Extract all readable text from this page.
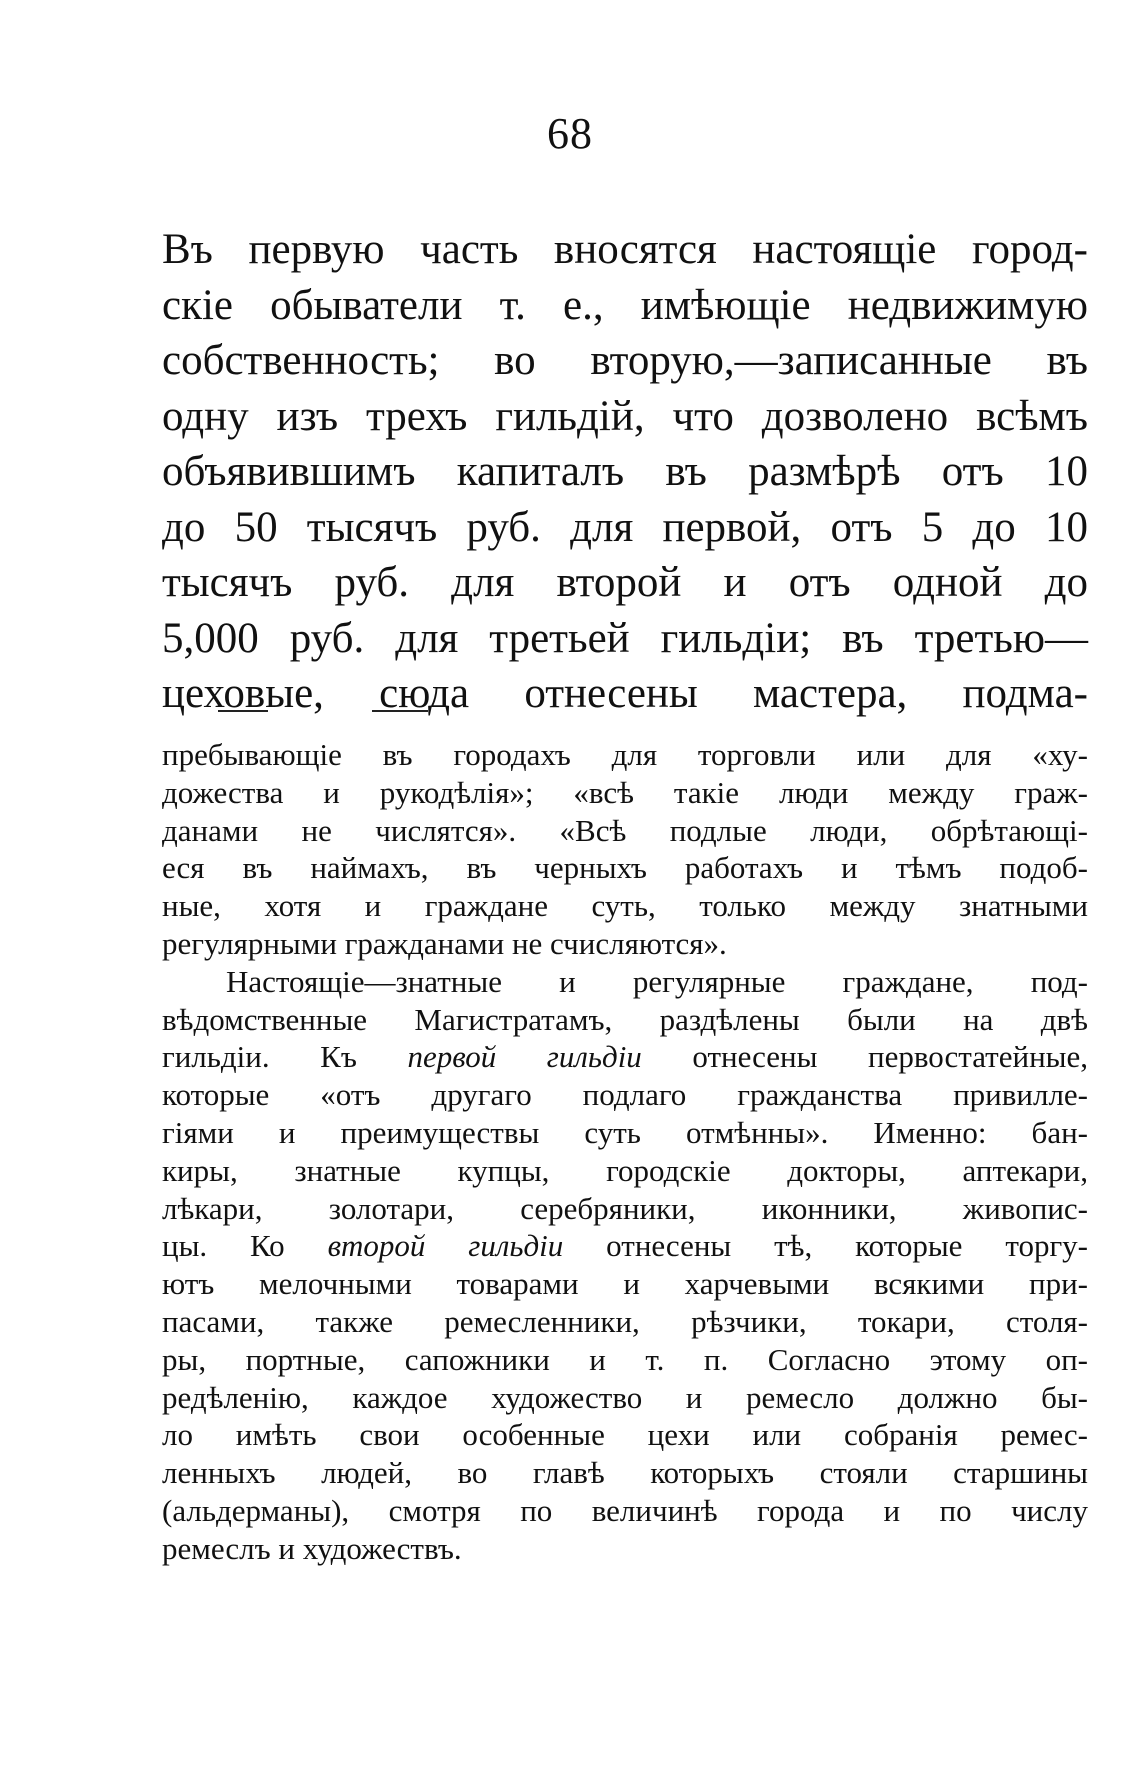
68
Въ первую часть вносятся настоящіе город-
скіе обыватели т. е., имѣющіе недвижимую
собственность; во вторую,—записанные въ
одну изъ трехъ гильдій, что дозволено всѣмъ
объявившимъ капиталъ въ размѣрѣ отъ 10
до 50 тысячъ руб. для первой, отъ 5 до 10
тысячъ руб. для второй и отъ одной до
5,000 руб. для третьей гильдіи; въ третью—
цеховые, сюда отнесены мастера, подма-
пребывающіе въ городахъ для торговли или для «ху-
дожества и рукодѣлія»; «всѣ такіе люди между граж-
данами не числятся». «Всѣ подлые люди, обрѣтающі-
еся въ наймахъ, въ черныхъ работахъ и тѣмъ подоб-
ные, хотя и граждане суть, только между знатными
регулярными гражданами не счисляются».
Настоящіе—знатные и регулярные граждане, под-
вѣдомственные Магистратамъ, раздѣлены были на двѣ
гильдіи. Къ первой гильдіи отнесены первостатейные,
которые «отъ другаго подлаго гражданства привилле-
гіями и преимуществы суть отмѣнны». Именно: бан-
киры, знатные купцы, городскіе докторы, аптекари,
лѣкари, золотари, серебряники, иконники, живопис-
цы. Ко второй гильдіи отнесены тѣ, которые торгу-
ютъ мелочными товарами и харчевыми всякими при-
пасами, также ремесленники, рѣзчики, токари, столя-
ры, портные, сапожники и т. п. Согласно этому оп-
редѣленію, каждое художество и ремесло должно бы-
ло имѣть свои особенные цехи или собранія ремес-
ленныхъ людей, во главѣ которыхъ стояли старшины
(альдерманы), смотря по величинѣ города и по числу
ремеслъ и художествъ.
